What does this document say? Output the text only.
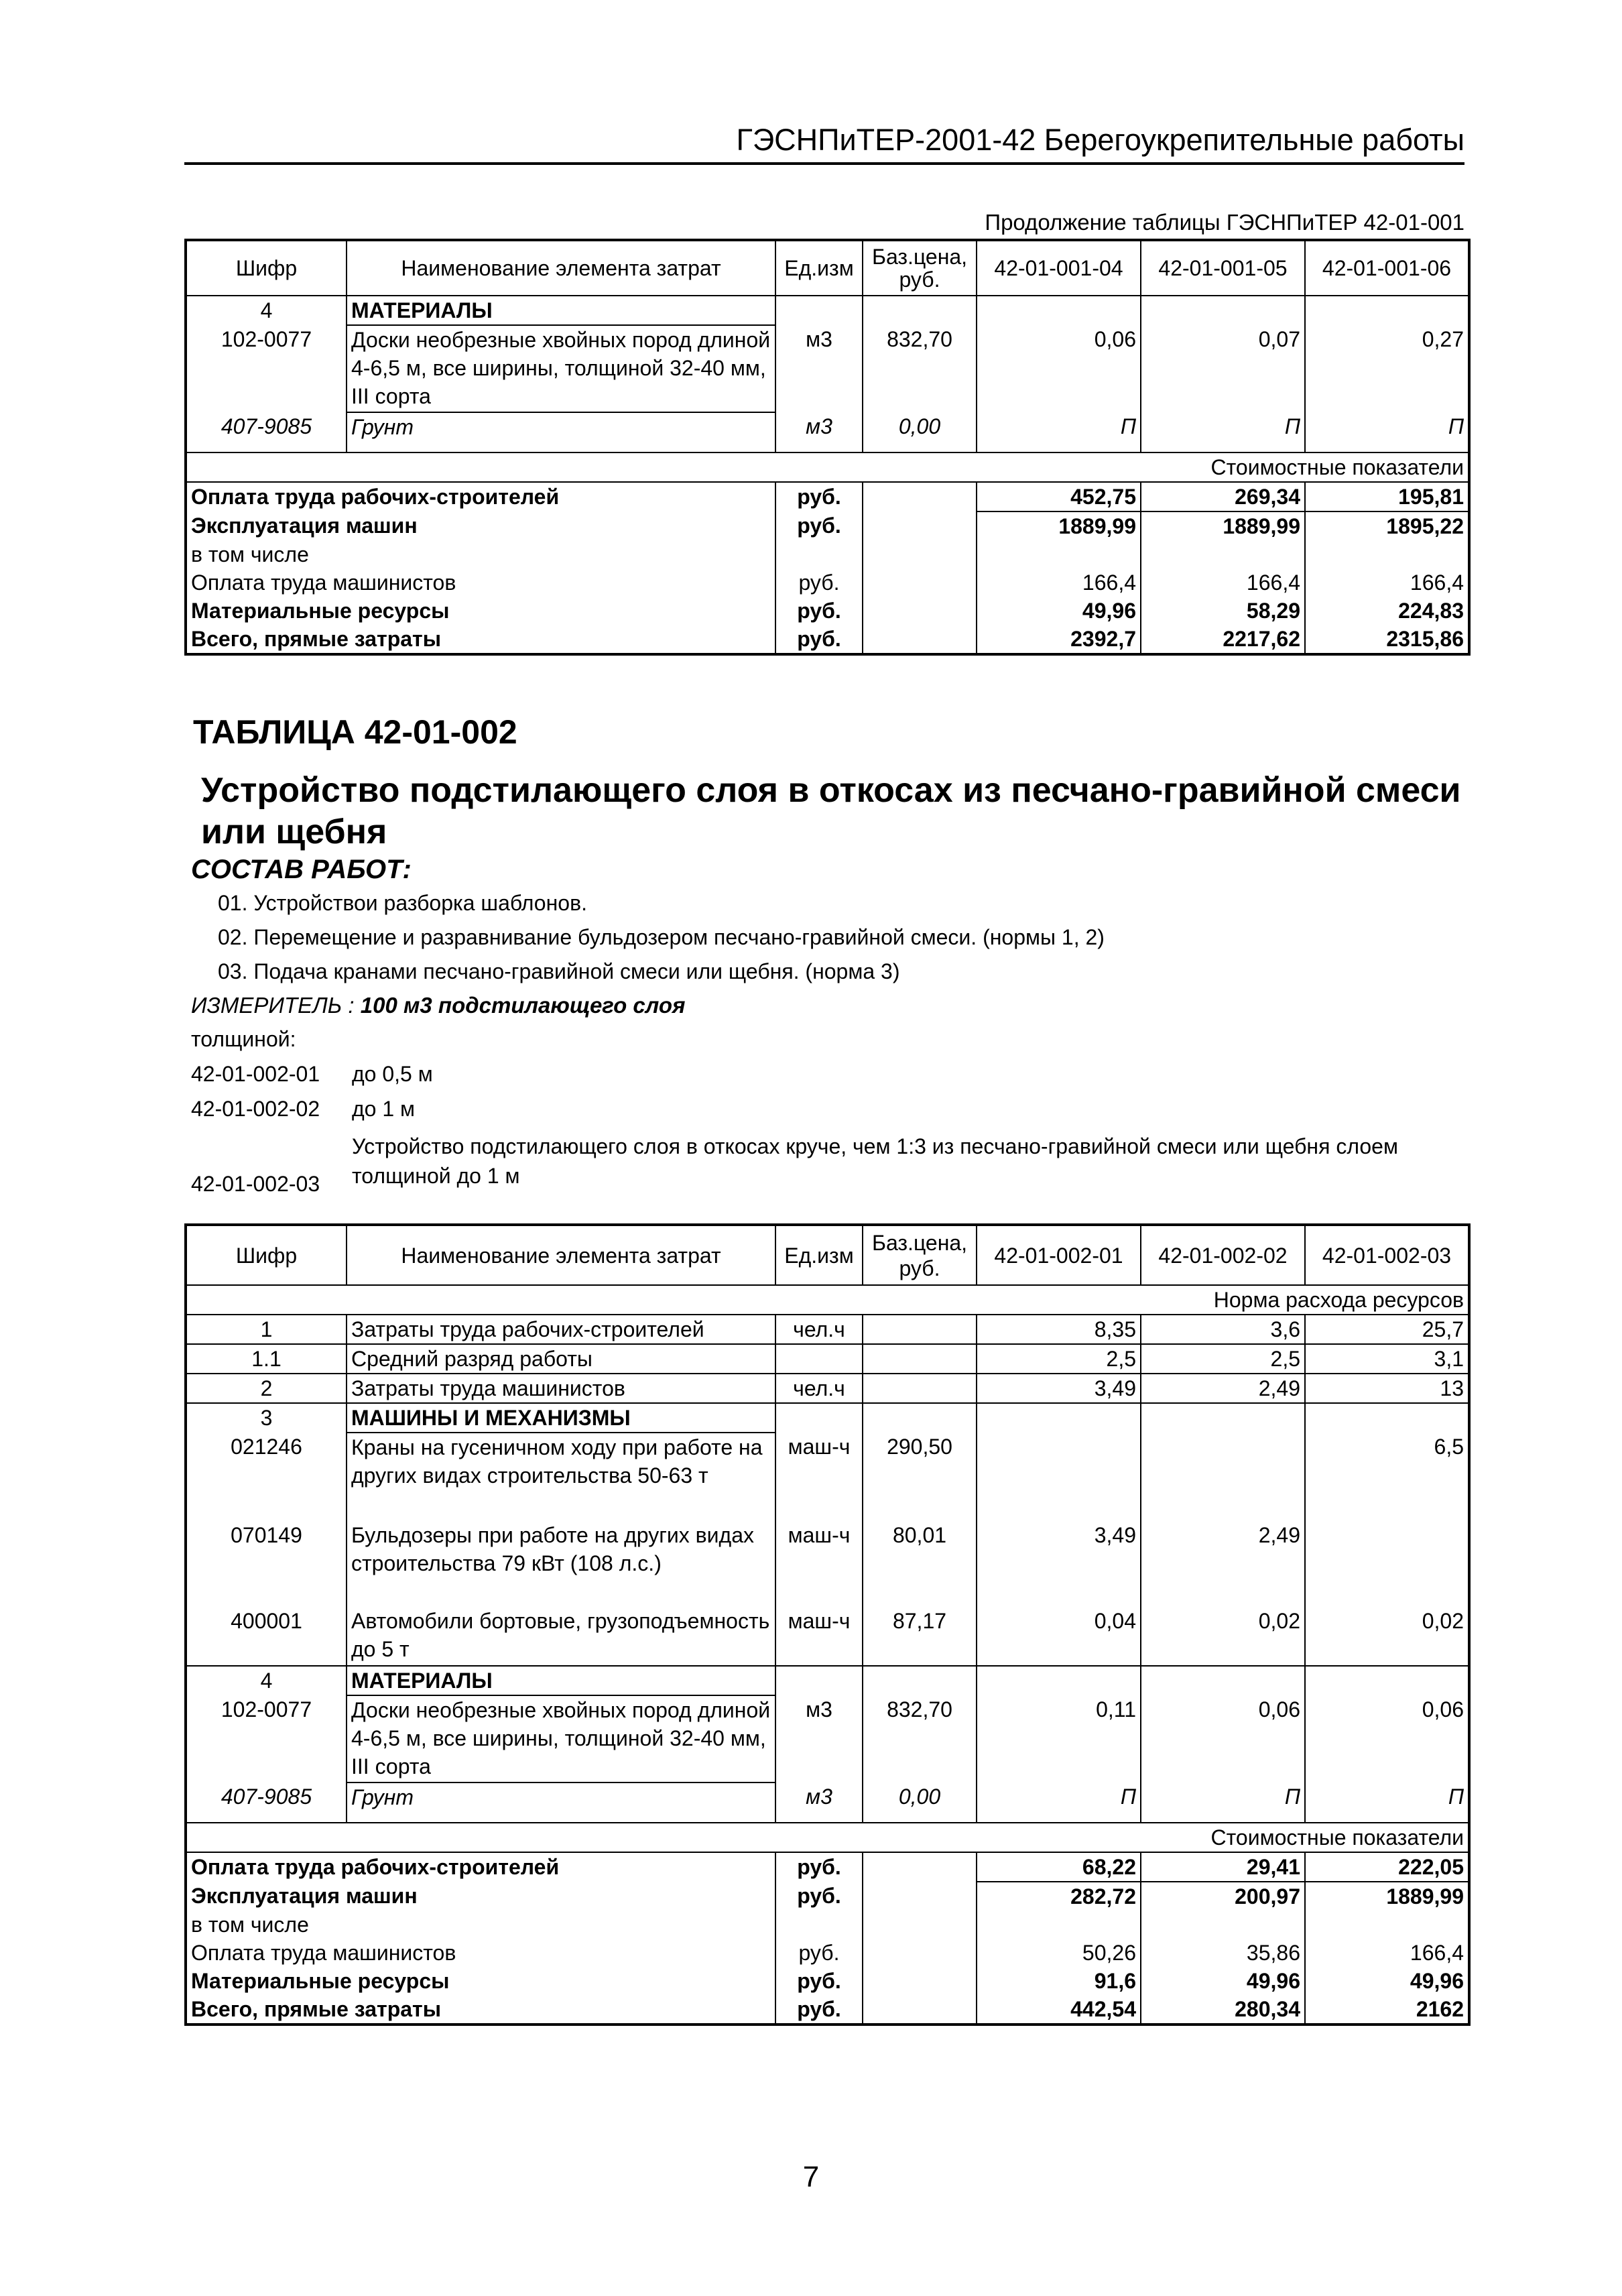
ГЭСНПиТЕР-2001-42 Берегоукрепительные работы
Продолжение таблицы ГЭСНПиТЕР 42-01-001
Шифр	Наименование элемента затрат	Ед.изм	Баз.цена, руб.	42-01-001-04	42-01-001-05	42-01-001-06
4	МАТЕРИАЛЫ					
102-0077	Доски необрезные хвойных пород длиной 4-6,5 м, все ширины, толщиной 32-40 мм, III сорта	м3	832,70	0,06	0,07	0,27
407-9085	Грунт	м3	0,00	П	П	П
Стоимостные показатели						
Оплата труда рабочих-строителей		руб.		452,75	269,34	195,81
Эксплуатация машин		руб.		1889,99	1889,99	1895,22
в том числе						
Оплата труда машинистов		руб.		166,4	166,4	166,4
Материальные ресурсы		руб.		49,96	58,29	224,83
Всего, прямые затраты		руб.		2392,7	2217,62	2315,86
ТАБЛИЦА 42-01-002
Устройство подстилающего слоя в откосах из песчано-гравийной смеси или щебня
СОСТАВ РАБОТ:
01. Устройствои разборка шаблонов.
02. Перемещение и разравнивание бульдозером песчано-гравийной смеси. (нормы 1, 2)
03. Подача кранами песчано-гравийной смеси или щебня. (норма 3)
ИЗМЕРИТЕЛЬ : 100 м3 подстилающего слоя
толщиной:
42-01-002-01 до 0,5 м
42-01-002-02 до 1 м
42-01-002-03
Устройство подстилающего слоя в откосах круче, чем 1:3 из песчано-гравийной смеси или щебня слоем толщиной до 1 м
Шифр	Наименование элемента затрат	Ед.изм	Баз.цена, руб.	42-01-002-01	42-01-002-02	42-01-002-03
Норма расхода ресурсов						
1	Затраты труда рабочих-строителей	чел.ч		8,35	3,6	25,7
1.1	Средний разряд работы			2,5	2,5	3,1
2	Затраты труда машинистов	чел.ч		3,49	2,49	13
3	МАШИНЫ И МЕХАНИЗМЫ					
021246	Краны на гусеничном ходу при работе на других видах строительства 50-63 т	маш-ч	290,50			6,5
070149	Бульдозеры при работе на других видах строительства 79 кВт (108 л.с.)	маш-ч	80,01	3,49	2,49	
400001	Автомобили бортовые, грузоподъемность до 5 т	маш-ч	87,17	0,04	0,02	0,02
4	МАТЕРИАЛЫ					
102-0077	Доски необрезные хвойных пород длиной 4-6,5 м, все ширины, толщиной 32-40 мм, III сорта	м3	832,70	0,11	0,06	0,06
407-9085	Грунт	м3	0,00	П	П	П
Стоимостные показатели						
Оплата труда рабочих-строителей		руб.		68,22	29,41	222,05
Эксплуатация машин		руб.		282,72	200,97	1889,99
в том числе						
Оплата труда машинистов		руб.		50,26	35,86	166,4
Материальные ресурсы		руб.		91,6	49,96	49,96
Всего, прямые затраты		руб.		442,54	280,34	2162
7
